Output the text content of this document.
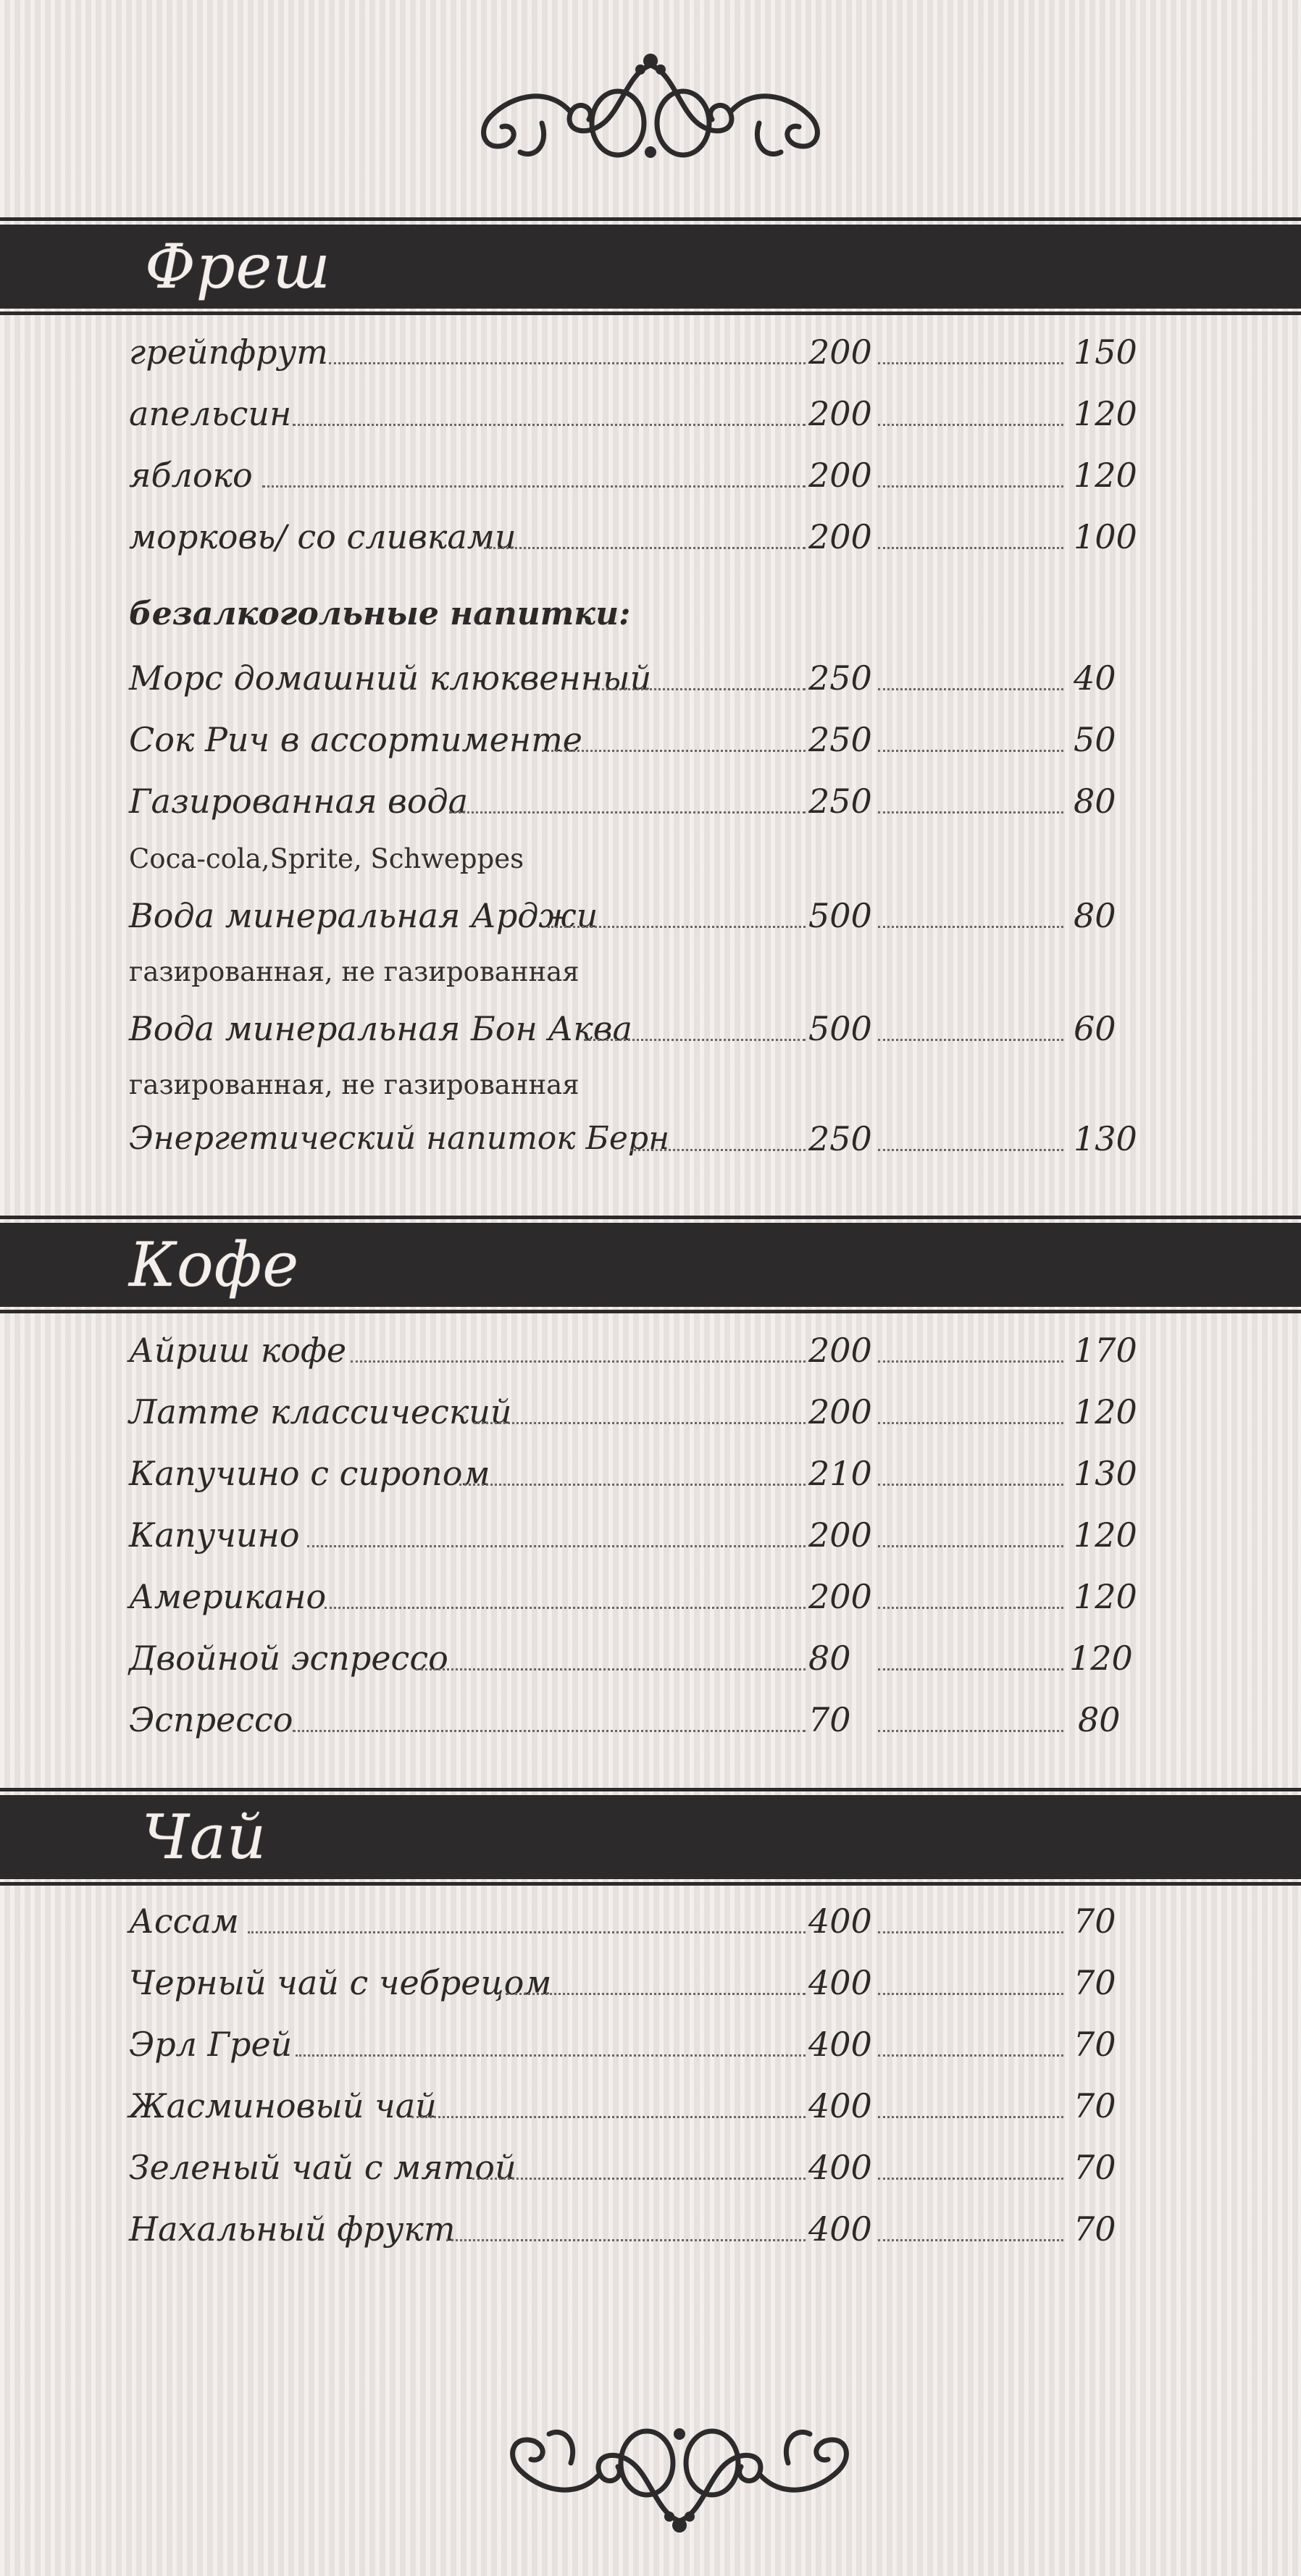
Фреш
грейпфрут	200	150
апельсин	200	120
яблоко	200	120
морковь/ со сливками	200	100
безалкогольные напитки:
Морс домашний клюквенный	250	40
Сок Рич в ассортименте	250	50
Газированная вода	250	80
Coca-cola,Sprite, Schweppes
Вода минеральная Арджи	500	80
газированная, не газированная
Вода минеральная Бон Аква	500	60
газированная, не газированная
Энергетический напиток Берн	250	130
Кофе
Айриш кофе	200	170
Латте классический	200	120
Капучино с сиропом	210	130
Капучино	200	120
Американо	200	120
Двойной эспрессо	80	120
Эспрессо	70	80
Чай
Ассам	400	70
Черный чай с чебрецом	400	70
Эрл Грей	400	70
Жасминовый чай	400	70
Зеленый чай с мятой	400	70
Нахальный фрукт	400	70
